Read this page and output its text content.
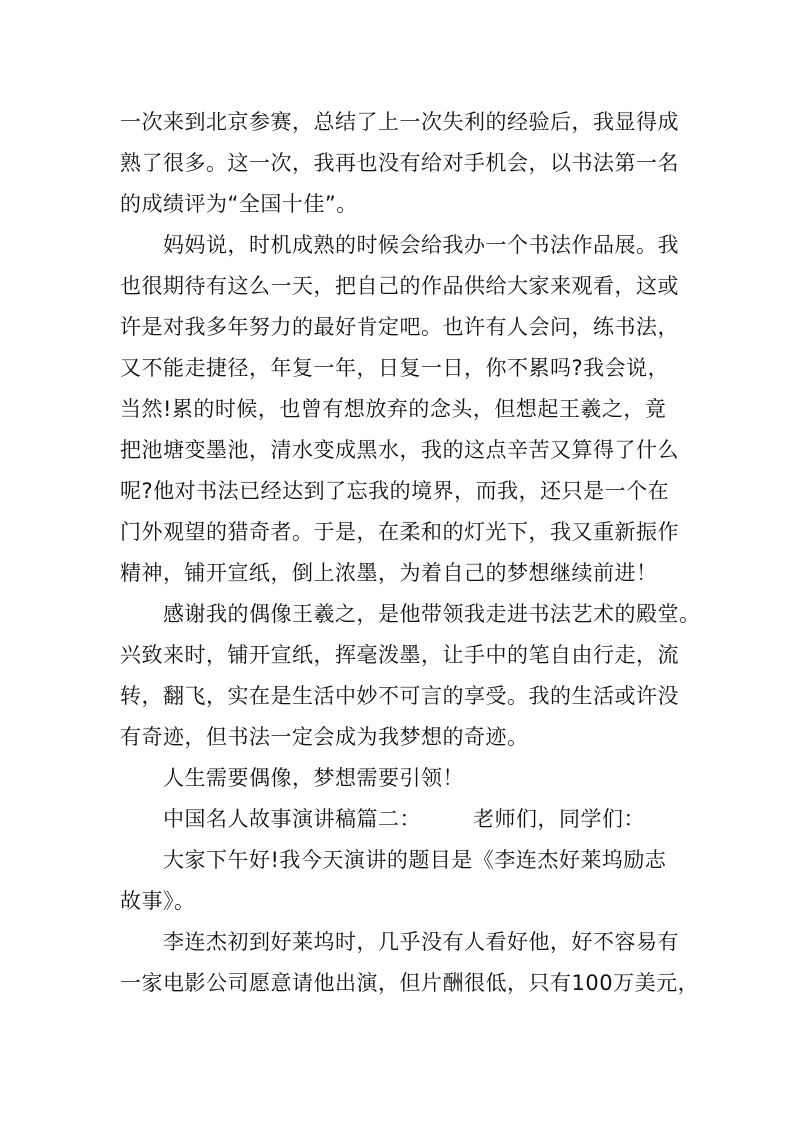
一次来到北京参赛，总结了上一次失利的经验后，我显得成
熟了很多。这一次，我再也没有给对手机会，以书法第一名
的成绩评为“全国十佳”。
妈妈说，时机成熟的时候会给我办一个书法作品展。我
也很期待有这么一天，把自己的作品供给大家来观看，这或
许是对我多年努力的最好肯定吧。也许有人会问，练书法，
又不能走捷径，年复一年，日复一日，你不累吗?我会说，
当然!累的时候，也曾有想放弃的念头，但想起王羲之，竟
把池塘变墨池，清水变成黑水，我的这点辛苦又算得了什么
呢?他对书法已经达到了忘我的境界，而我，还只是一个在
门外观望的猎奇者。于是，在柔和的灯光下，我又重新振作
精神，铺开宣纸，倒上浓墨，为着自己的梦想继续前进！
感谢我的偶像王羲之，是他带领我走进书法艺术的殿堂。
兴致来时，铺开宣纸，挥毫泼墨，让手中的笔自由行走，流
转，翻飞，实在是生活中妙不可言的享受。我的生活或许没
有奇迹，但书法一定会成为我梦想的奇迹。
人生需要偶像，梦想需要引领！
中国名人故事演讲稿篇二： 老师们，同学们：
大家下午好!我今天演讲的题目是《李连杰好莱坞励志
故事》。
李连杰初到好莱坞时，几乎没有人看好他，好不容易有
一家电影公司愿意请他出演，但片酬很低，只有100万美元，
